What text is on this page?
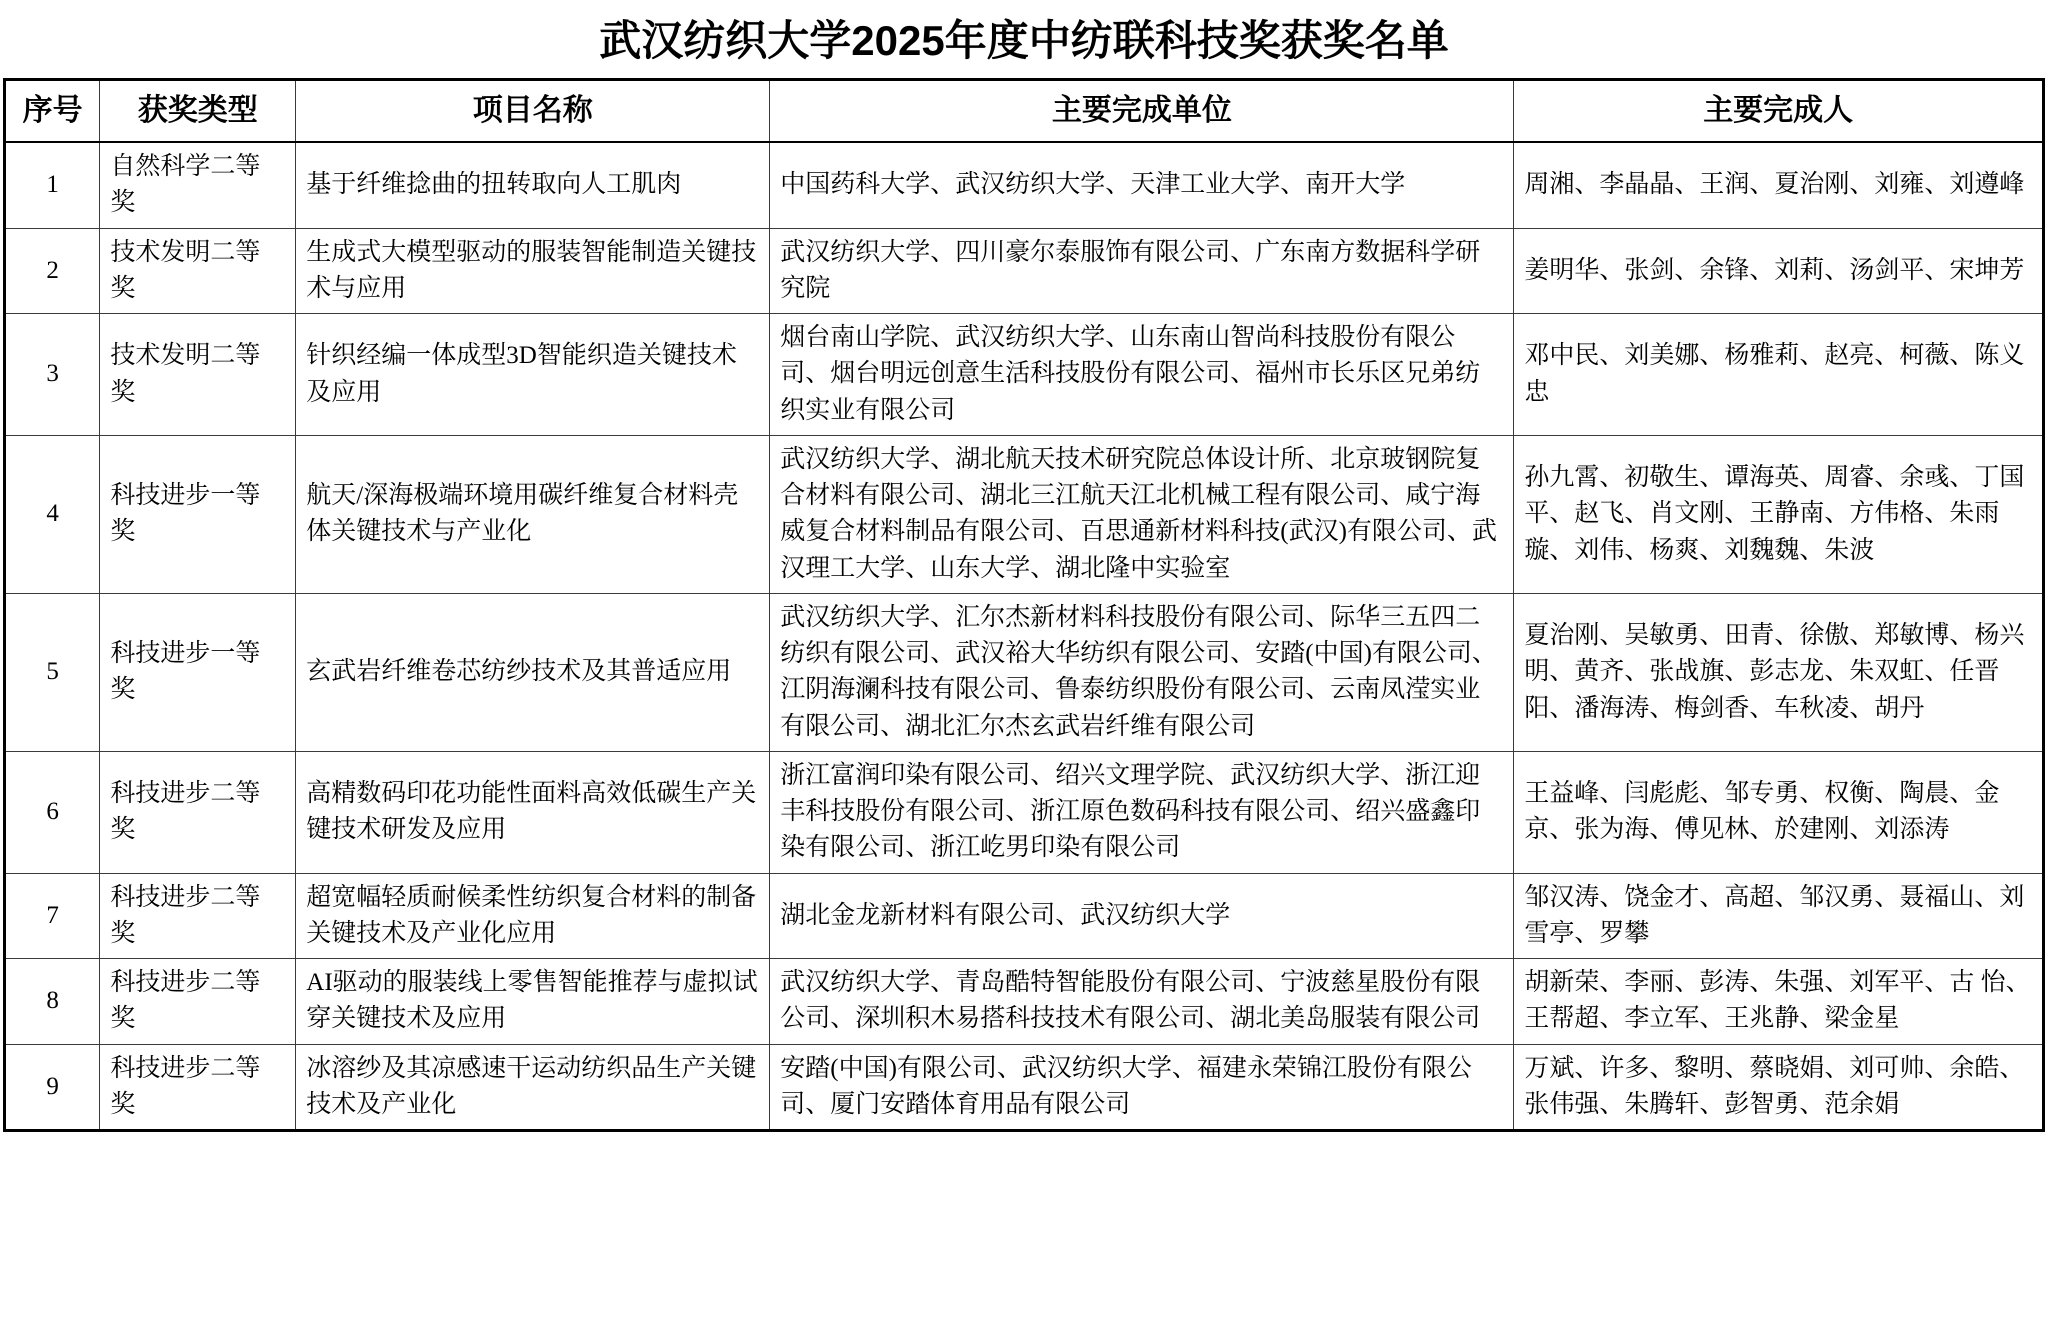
武汉纺织大学2025年度中纺联科技奖获奖名单
序号	获奖类型	项目名称	主要完成单位	主要完成人
1	自然科学二等奖	基于纤维捻曲的扭转取向人工肌肉	中国药科大学、武汉纺织大学、天津工业大学、南开大学	周湘、李晶晶、王润、夏治刚、刘雍、刘遵峰
2	技术发明二等奖	生成式大模型驱动的服装智能制造关键技术与应用	武汉纺织大学、四川豪尔泰服饰有限公司、广东南方数据科学研究院	姜明华、张剑、余锋、刘莉、汤剑平、宋坤芳
3	技术发明二等奖	针织经编一体成型3D智能织造关键技术及应用	烟台南山学院、武汉纺织大学、山东南山智尚科技股份有限公司、烟台明远创意生活科技股份有限公司、福州市长乐区兄弟纺织实业有限公司	邓中民、刘美娜、杨雅莉、赵亮、柯薇、陈义忠
4	科技进步一等奖	航天/深海极端环境用碳纤维复合材料壳体关键技术与产业化	武汉纺织大学、湖北航天技术研究院总体设计所、北京玻钢院复合材料有限公司、湖北三江航天江北机械工程有限公司、咸宁海威复合材料制品有限公司、百思通新材料科技(武汉)有限公司、武汉理工大学、山东大学、湖北隆中实验室	孙九霄、初敬生、谭海英、周睿、余彧、丁国平、赵飞、肖文刚、王静南、方伟格、朱雨璇、刘伟、杨爽、刘魏魏、朱波
5	科技进步一等奖	玄武岩纤维卷芯纺纱技术及其普适应用	武汉纺织大学、汇尔杰新材料科技股份有限公司、际华三五四二纺织有限公司、武汉裕大华纺织有限公司、安踏(中国)有限公司、江阴海澜科技有限公司、鲁泰纺织股份有限公司、云南凤滢实业有限公司、湖北汇尔杰玄武岩纤维有限公司	夏治刚、吴敏勇、田青、徐傲、郑敏博、杨兴明、黄齐、张战旗、彭志龙、朱双虹、任晋阳、潘海涛、梅剑香、车秋凌、胡丹
6	科技进步二等奖	高精数码印花功能性面料高效低碳生产关键技术研发及应用	浙江富润印染有限公司、绍兴文理学院、武汉纺织大学、浙江迎丰科技股份有限公司、浙江原色数码科技有限公司、绍兴盛鑫印染有限公司、浙江屹男印染有限公司	王益峰、闫彪彪、邹专勇、权衡、陶晨、金京、张为海、傅见林、於建刚、刘添涛
7	科技进步二等奖	超宽幅轻质耐候柔性纺织复合材料的制备关键技术及产业化应用	湖北金龙新材料有限公司、武汉纺织大学	邹汉涛、饶金才、高超、邹汉勇、聂福山、刘雪亭、罗攀
8	科技进步二等奖	AI驱动的服装线上零售智能推荐与虚拟试穿关键技术及应用	武汉纺织大学、青岛酷特智能股份有限公司、宁波慈星股份有限公司、深圳积木易搭科技技术有限公司、湖北美岛服装有限公司	胡新荣、李丽、彭涛、朱强、刘军平、古 怡、王帮超、李立军、王兆静、梁金星
9	科技进步二等奖	冰溶纱及其凉感速干运动纺织品生产关键技术及产业化	安踏(中国)有限公司、武汉纺织大学、福建永荣锦江股份有限公司、厦门安踏体育用品有限公司	万斌、许多、黎明、蔡晓娟、刘可帅、余皓、张伟强、朱腾轩、彭智勇、范余娟
